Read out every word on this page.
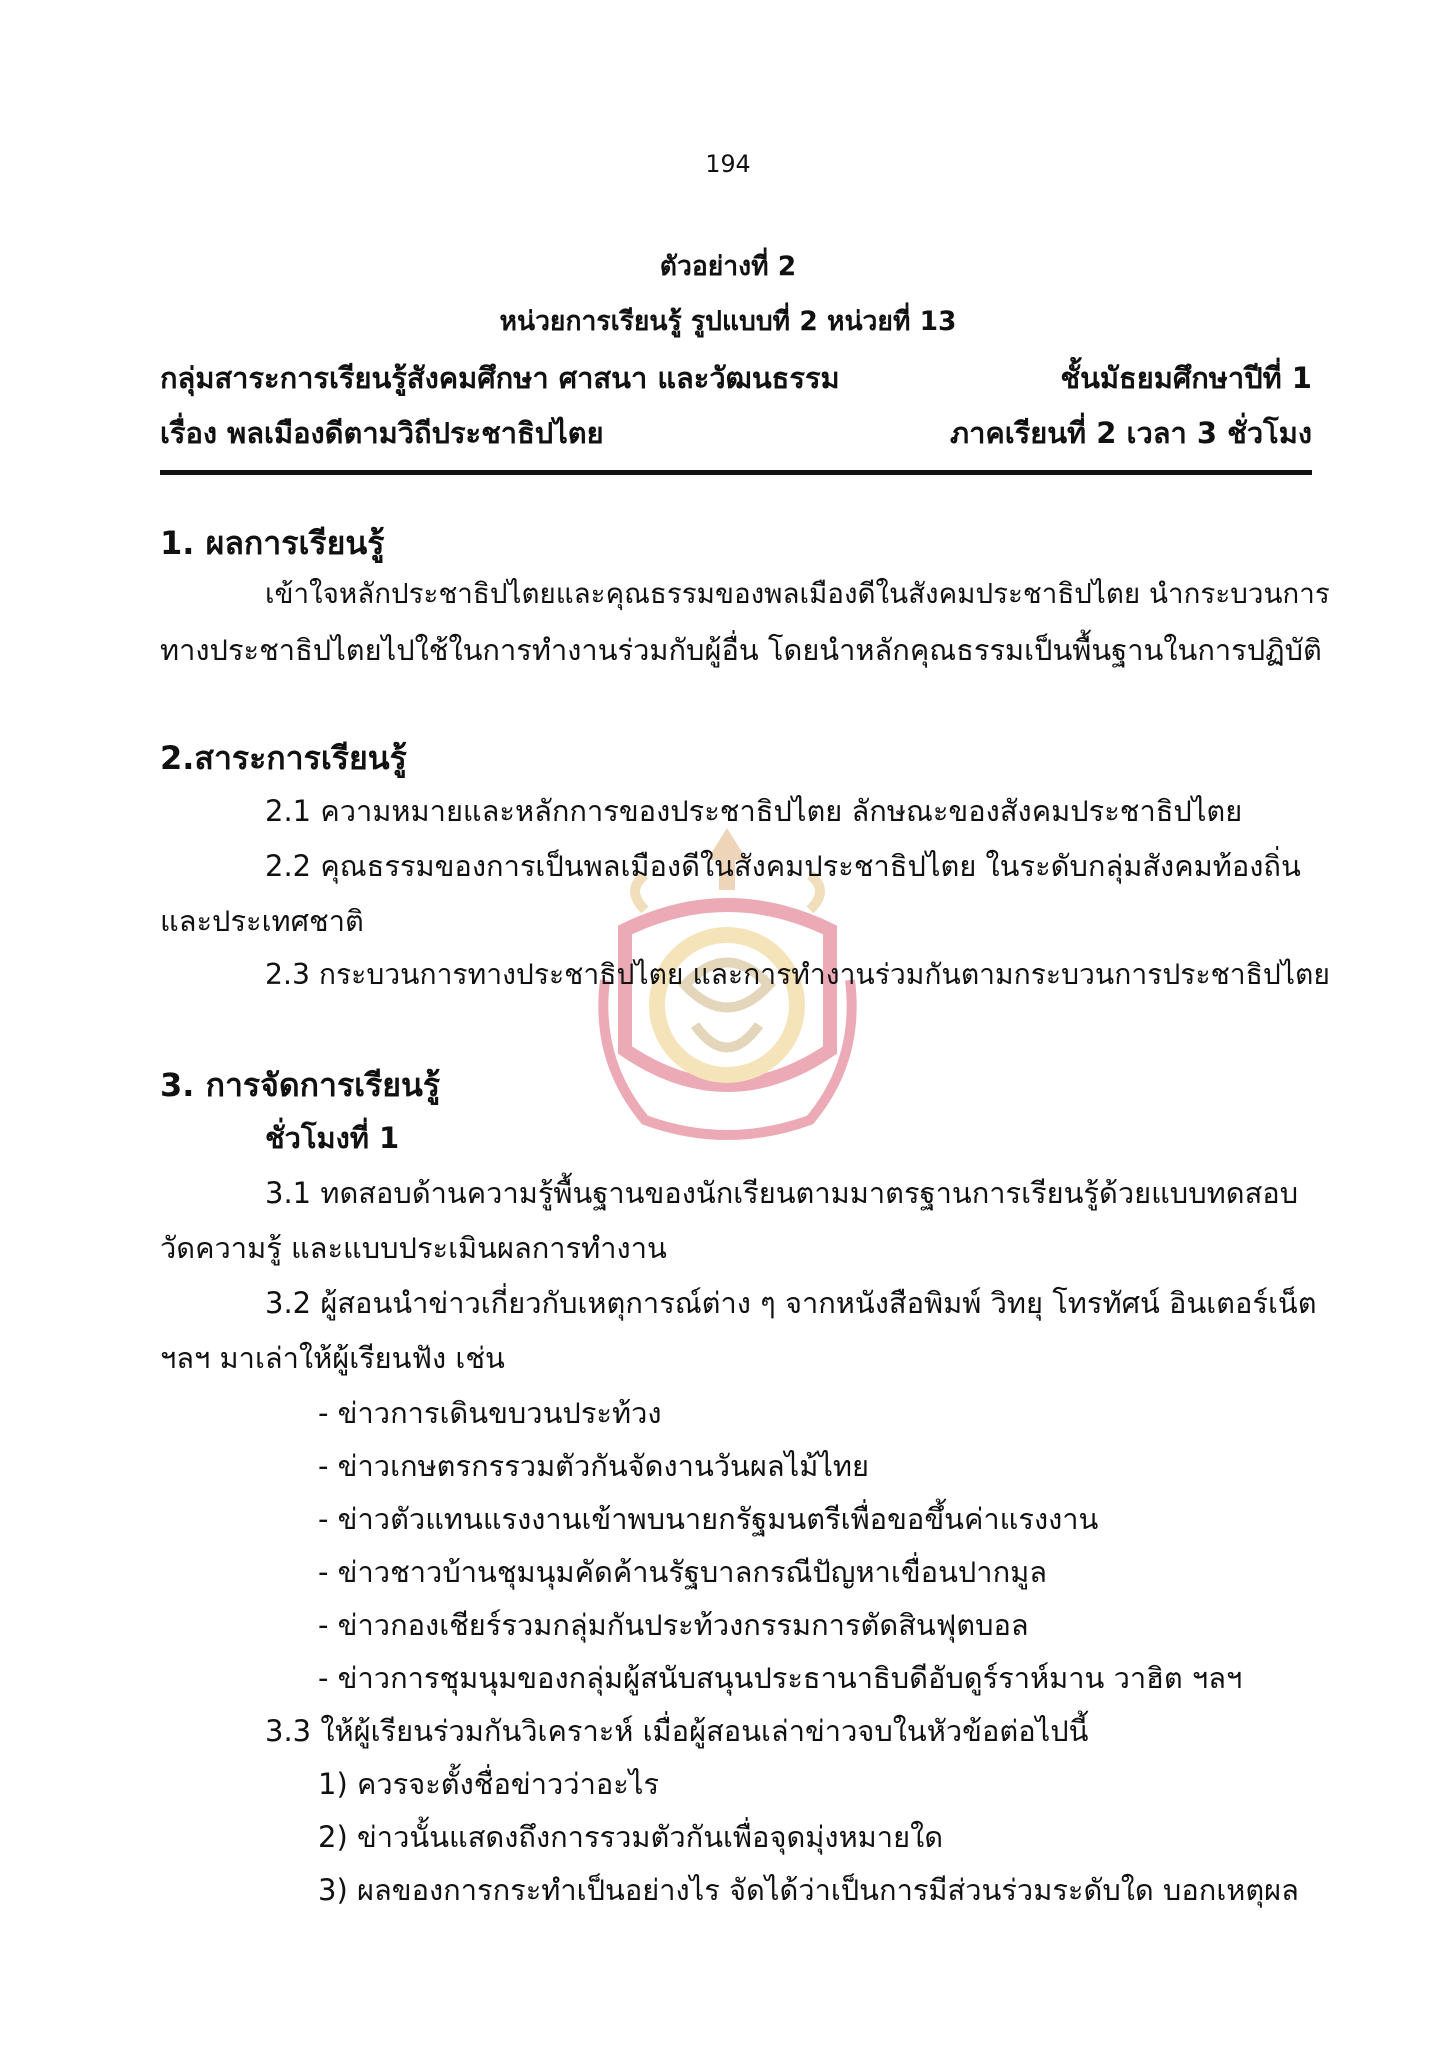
194
ตัวอย่างที่ 2
หน่วยการเรียนรู้ รูปแบบที่ 2 หน่วยที่ 13
กลุ่มสาระการเรียนรู้สังคมศึกษา ศาสนา และวัฒนธรรม	ชั้นมัธยมศึกษาปีที่ 1
เรื่อง พลเมืองดีตามวิถีประชาธิปไตย	ภาคเรียนที่ 2 เวลา 3 ชั่วโมง
1. ผลการเรียนรู้
เข้าใจหลักประชาธิปไตยและคุณธรรมของพลเมืองดีในสังคมประชาธิปไตย นำกระบวนการ
ทางประชาธิปไตยไปใช้ในการทำงานร่วมกับผู้อื่น โดยนำหลักคุณธรรมเป็นพื้นฐานในการปฏิบัติ
2.สาระการเรียนรู้
2.1 ความหมายและหลักการของประชาธิปไตย ลักษณะของสังคมประชาธิปไตย
2.2 คุณธรรมของการเป็นพลเมืองดีในสังคมประชาธิปไตย ในระดับกลุ่มสังคมท้องถิ่น
และประเทศชาติ
2.3 กระบวนการทางประชาธิปไตย และการทำงานร่วมกันตามกระบวนการประชาธิปไตย
3. การจัดการเรียนรู้
ชั่วโมงที่ 1
3.1 ทดสอบด้านความรู้พื้นฐานของนักเรียนตามมาตรฐานการเรียนรู้ด้วยแบบทดสอบ
วัดความรู้ และแบบประเมินผลการทำงาน
3.2 ผู้สอนนำข่าวเกี่ยวกับเหตุการณ์ต่าง ๆ จากหนังสือพิมพ์ วิทยุ โทรทัศน์ อินเตอร์เน็ต
ฯลฯ มาเล่าให้ผู้เรียนฟัง เช่น
- ข่าวการเดินขบวนประท้วง
- ข่าวเกษตรกรรวมตัวกันจัดงานวันผลไม้ไทย
- ข่าวตัวแทนแรงงานเข้าพบนายกรัฐมนตรีเพื่อขอขึ้นค่าแรงงาน
- ข่าวชาวบ้านชุมนุมคัดค้านรัฐบาลกรณีปัญหาเขื่อนปากมูล
- ข่าวกองเชียร์รวมกลุ่มกันประท้วงกรรมการตัดสินฟุตบอล
- ข่าวการชุมนุมของกลุ่มผู้สนับสนุนประธานาธิบดีอับดูร์ราห์มาน วาฮิต ฯลฯ
3.3 ให้ผู้เรียนร่วมกันวิเคราะห์ เมื่อผู้สอนเล่าข่าวจบในหัวข้อต่อไปนี้
1) ควรจะตั้งชื่อข่าวว่าอะไร
2) ข่าวนั้นแสดงถึงการรวมตัวกันเพื่อจุดมุ่งหมายใด
3) ผลของการกระทำเป็นอย่างไร จัดได้ว่าเป็นการมีส่วนร่วมระดับใด บอกเหตุผล
